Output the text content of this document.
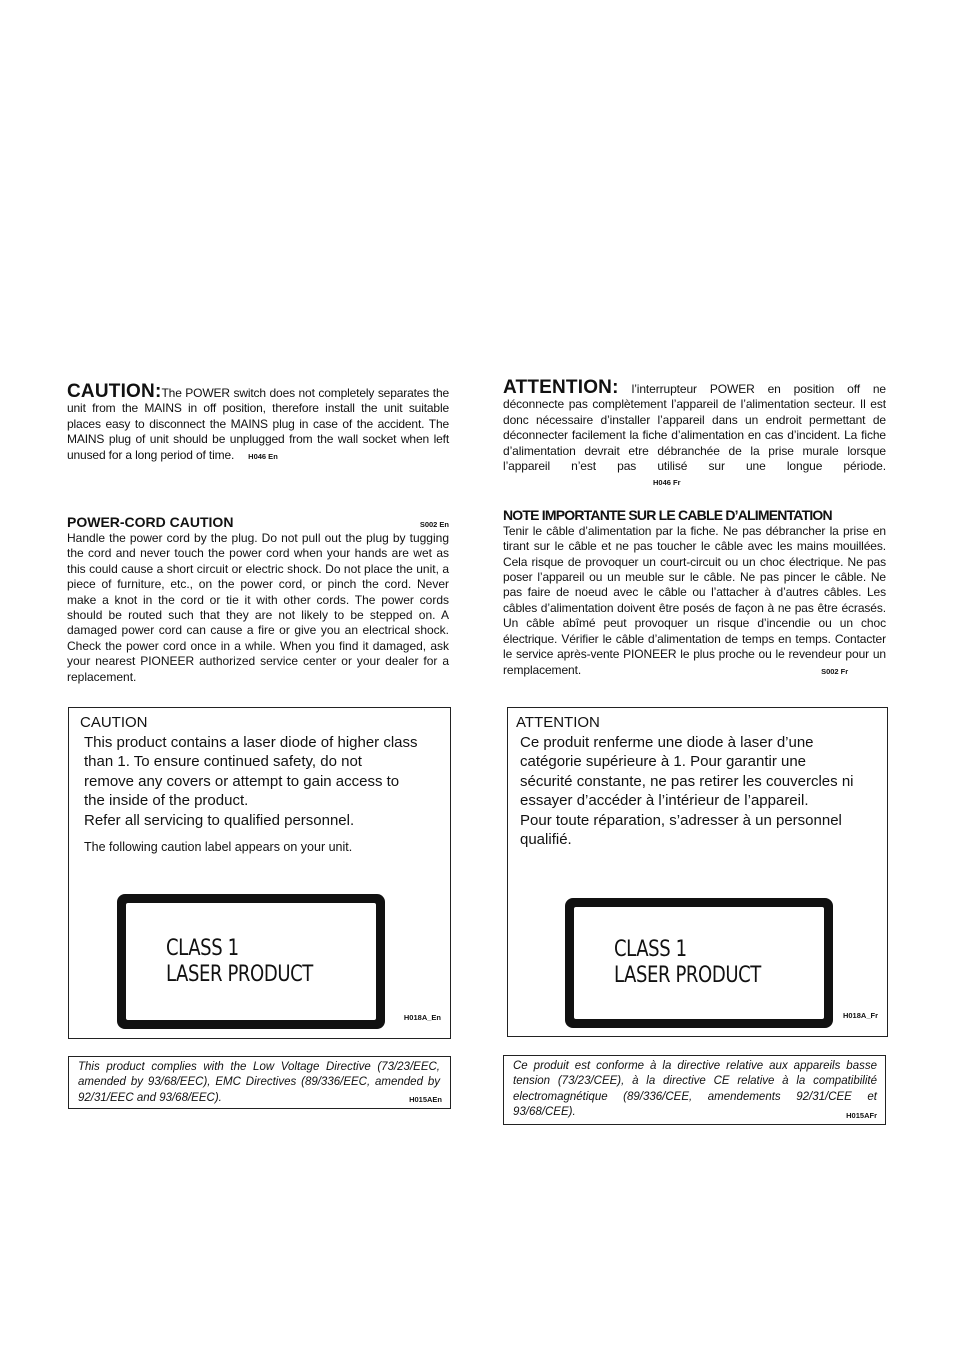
CAUTION:The POWER switch does not completely separates the unit from the MAINS in off position, therefore install the unit suitable places easy to disconnect the MAINS plug in case of the accident. The MAINS plug of unit should be unplugged from the wall socket when left unused for a long period of time. H046 En

POWER-CORD CAUTION	S002 En

Handle the power cord by the plug. Do not pull out the plug by tugging the cord and never touch the power cord when your hands are wet as this could cause a short circuit or electric shock. Do not place the unit, a piece of furniture, etc., on the power cord, or pinch the cord. Never make a knot in the cord or tie it with other cords. The power cords should be routed such that they are not likely to be stepped on. A damaged power cord can cause a fire or give you an electrical shock. Check the power cord once in a while. When you find it damaged, ask your nearest PIONEER authorized service center or your dealer for a replacement.

CAUTION
This product contains a laser diode of higher class
than 1. To ensure continued safety, do not
remove any covers or attempt to gain access to
the inside of the product.
Refer all servicing to qualified personnel.
The following caution label appears on your unit.
CLASS 1
LASER PRODUCT
H018A_En
This product complies with the Low Voltage Directive (73/23/EEC, amended by 93/68/EEC), EMC Directives (89/336/EEC, amended by 92/31/EEC and 93/68/EEC).	H015AEn

ATTENTION: l’interrupteur POWER en position off ne déconnecte pas complètement l’appareil de l’alimentation secteur. Il est donc nécessaire d’installer l’appareil dans un endroit permettant de déconnecter facilement la fiche d’alimentation en cas d’incident. La fiche d’alimentation devrait etre débranchée de la prise murale lorsque l’appareil n’est pas utilisé sur une longue période.H046 Fr

NOTE IMPORTANTE SUR LE CABLE D’ALIMENTATION

Tenir le câble d’alimentation par la fiche. Ne pas débrancher la prise en tirant sur le câble et ne pas toucher le câble avec les mains mouillées. Cela risque de provoquer un court-circuit ou un choc électrique. Ne pas poser l’appareil ou un meuble sur le câble. Ne pas pincer le câble. Ne pas faire de noeud avec le câble ou l’attacher à d’autres câbles. Les câbles d’alimentation doivent être posés de façon à ne pas être écrasés. Un câble abîmé peut provoquer un risque d’incendie ou un choc électrique. Vérifier le câble d’alimentation de temps en temps. Contacter le service après-vente PIONEER le plus proche ou le revendeur pour un remplacement.	S002 Fr

ATTENTION
Ce produit renferme une diode à laser d’une
catégorie supérieure à 1. Pour garantir une
sécurité constante, ne pas retirer les couvercles ni
essayer d’accéder à l’intérieur de l’appareil.
Pour toute réparation, s’adresser à un personnel
qualifié.
CLASS 1
LASER PRODUCT
H018A_Fr
Ce produit est conforme à la directive relative aux appareils basse tension (73/23/CEE), à la directive CE relative à la compatibilité electromagnétique (89/336/CEE, amendements 92/31/CEE et 93/68/CEE).	H015AFr
